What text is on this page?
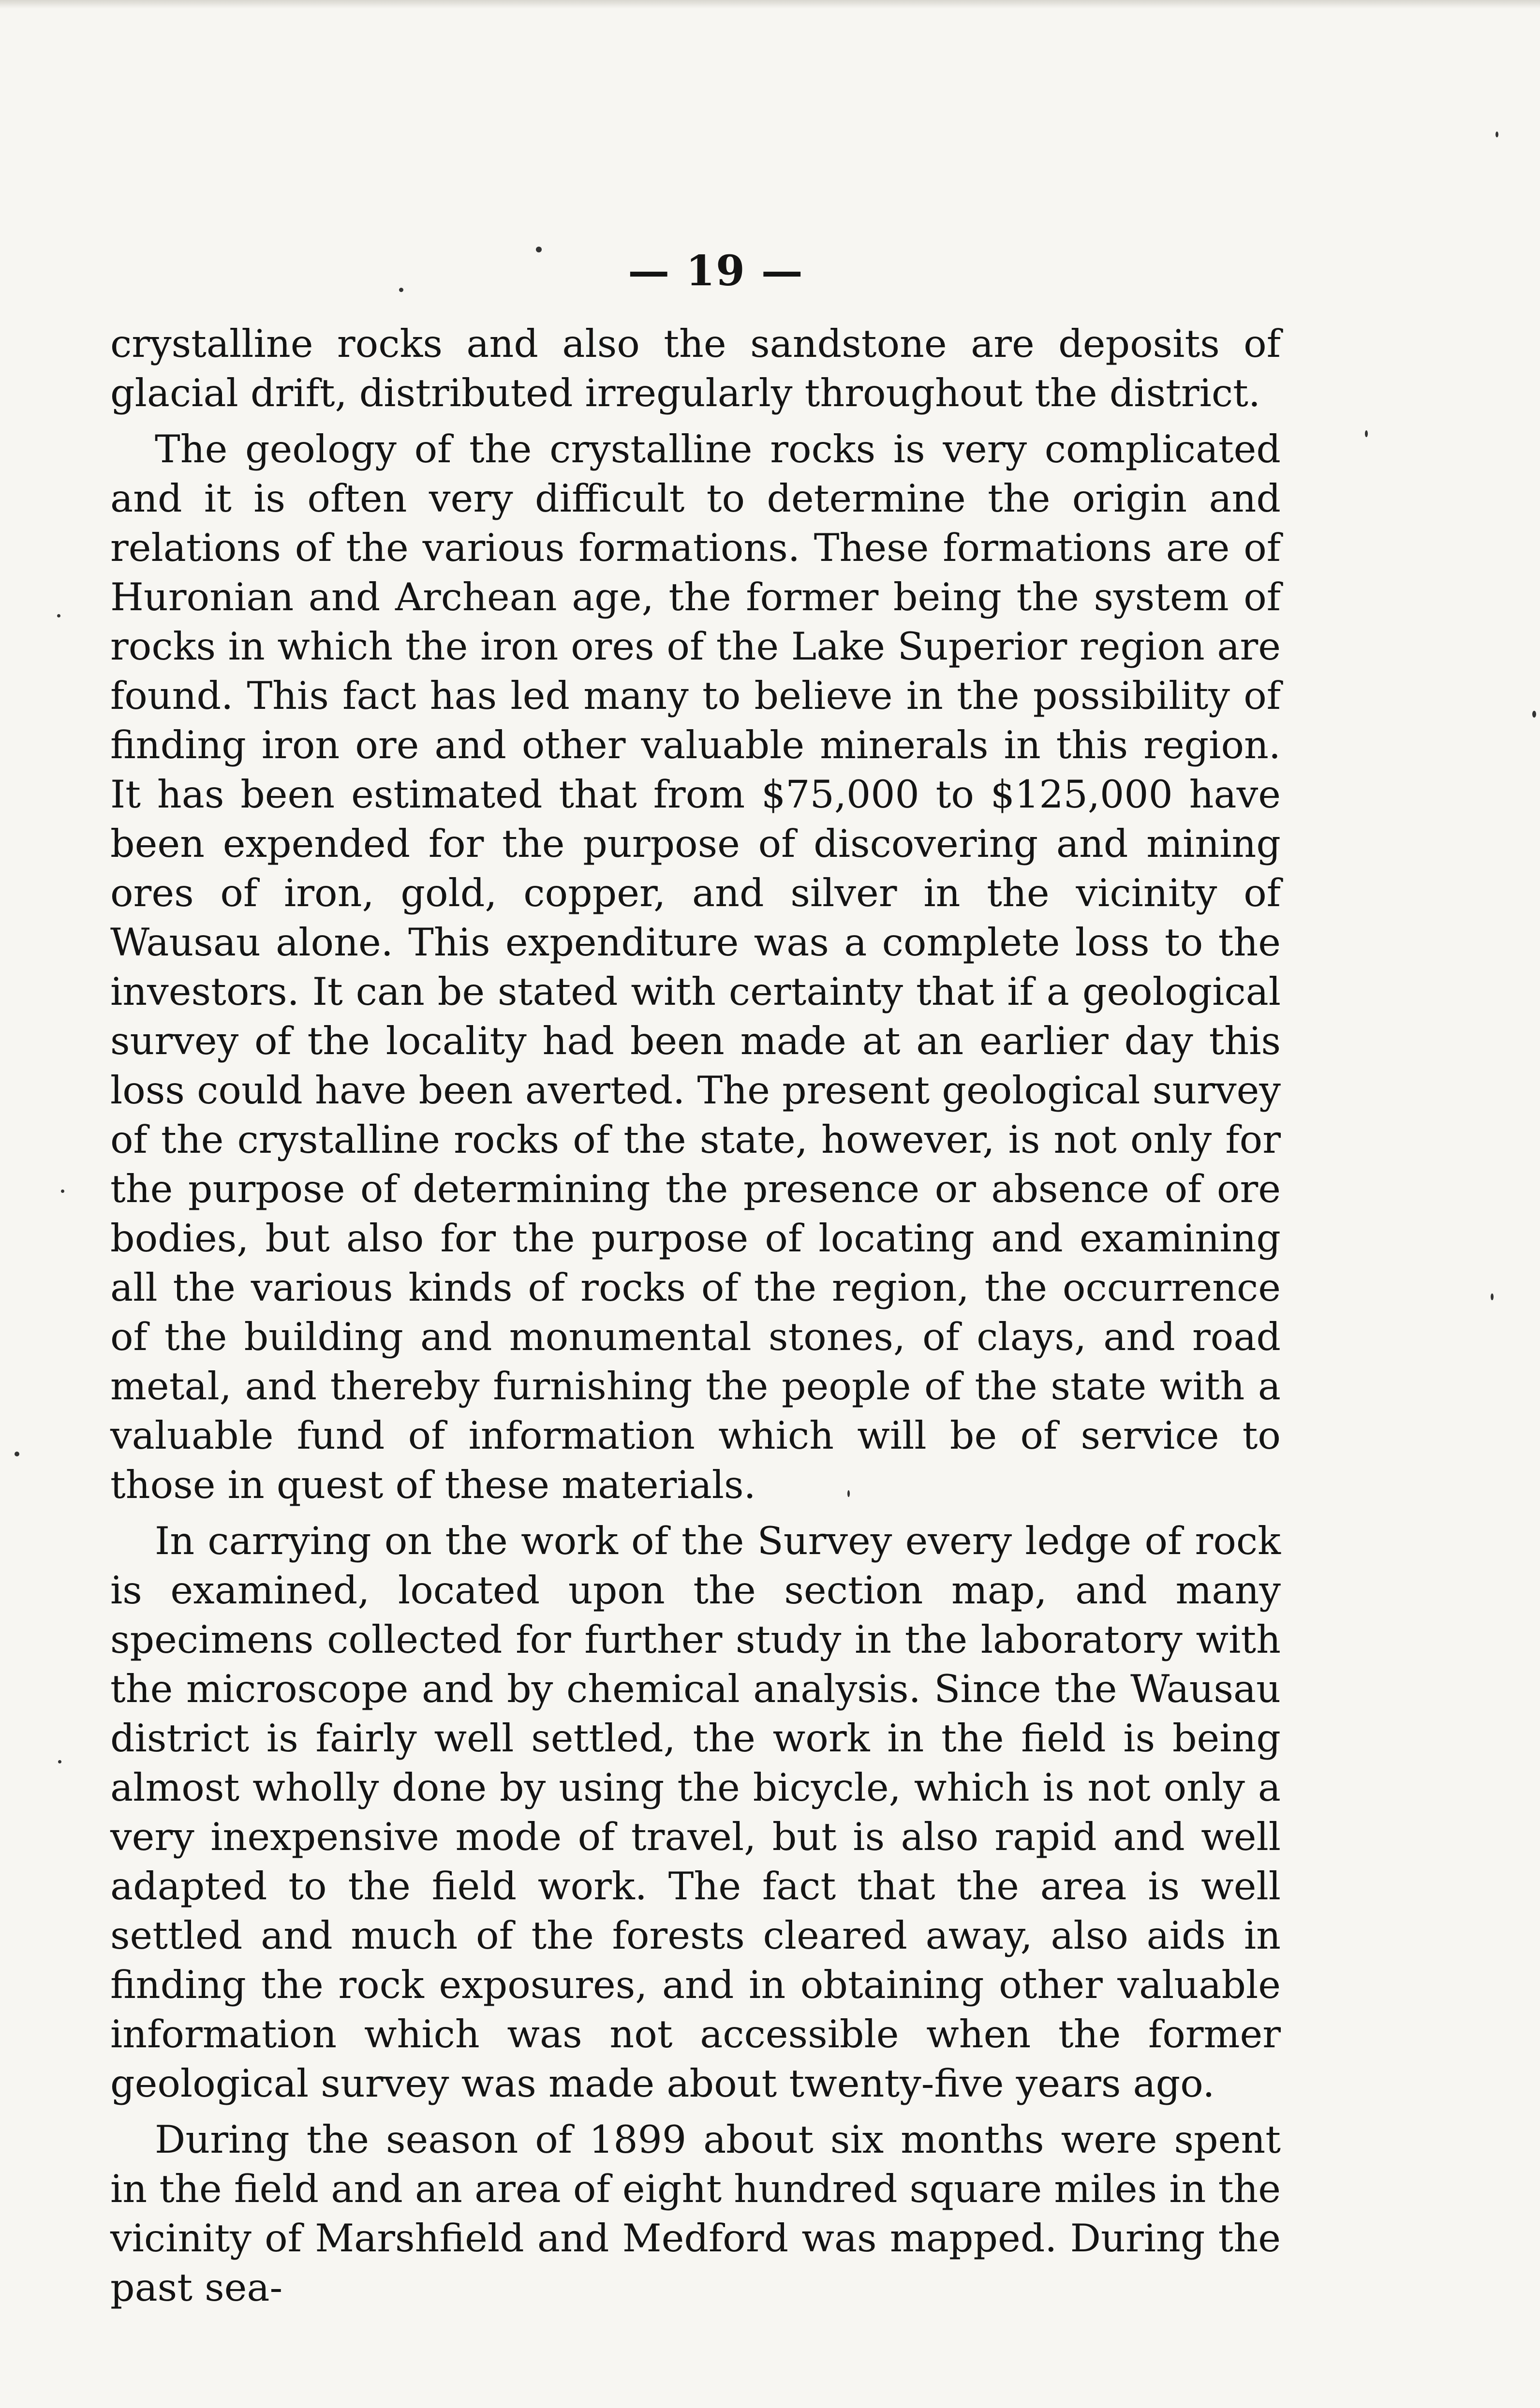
— 19 —

crystalline rocks and also the sandstone are deposits of glacial drift, distributed irregularly throughout the district.

The geology of the crystalline rocks is very complicated and it is often very difficult to determine the origin and relations of the various formations. These formations are of Huronian and Archean age, the former being the system of rocks in which the iron ores of the Lake Superior region are found. This fact has led many to believe in the possibility of finding iron ore and other valuable minerals in this region. It has been estimated that from $75,000 to $125,000 have been expended for the purpose of discovering and mining ores of iron, gold, copper, and silver in the vicinity of Wausau alone. This expenditure was a complete loss to the investors. It can be stated with certainty that if a geological survey of the locality had been made at an earlier day this loss could have been averted. The present geological survey of the crystalline rocks of the state, however, is not only for the purpose of determining the presence or absence of ore bodies, but also for the purpose of locating and examining all the various kinds of rocks of the region, the occurrence of the building and monumental stones, of clays, and road metal, and thereby furnishing the people of the state with a valuable fund of information which will be of service to those in quest of these materials.

In carrying on the work of the Survey every ledge of rock is examined, located upon the section map, and many specimens collected for further study in the laboratory with the microscope and by chemical analysis. Since the Wausau district is fairly well settled, the work in the field is being almost wholly done by using the bicycle, which is not only a very inexpensive mode of travel, but is also rapid and well adapted to the field work. The fact that the area is well settled and much of the forests cleared away, also aids in finding the rock exposures, and in obtaining other valuable information which was not accessible when the former geological survey was made about twenty-five years ago.

During the season of 1899 about six months were spent in the field and an area of eight hundred square miles in the vicinity of Marshfield and Medford was mapped. During the past sea-
